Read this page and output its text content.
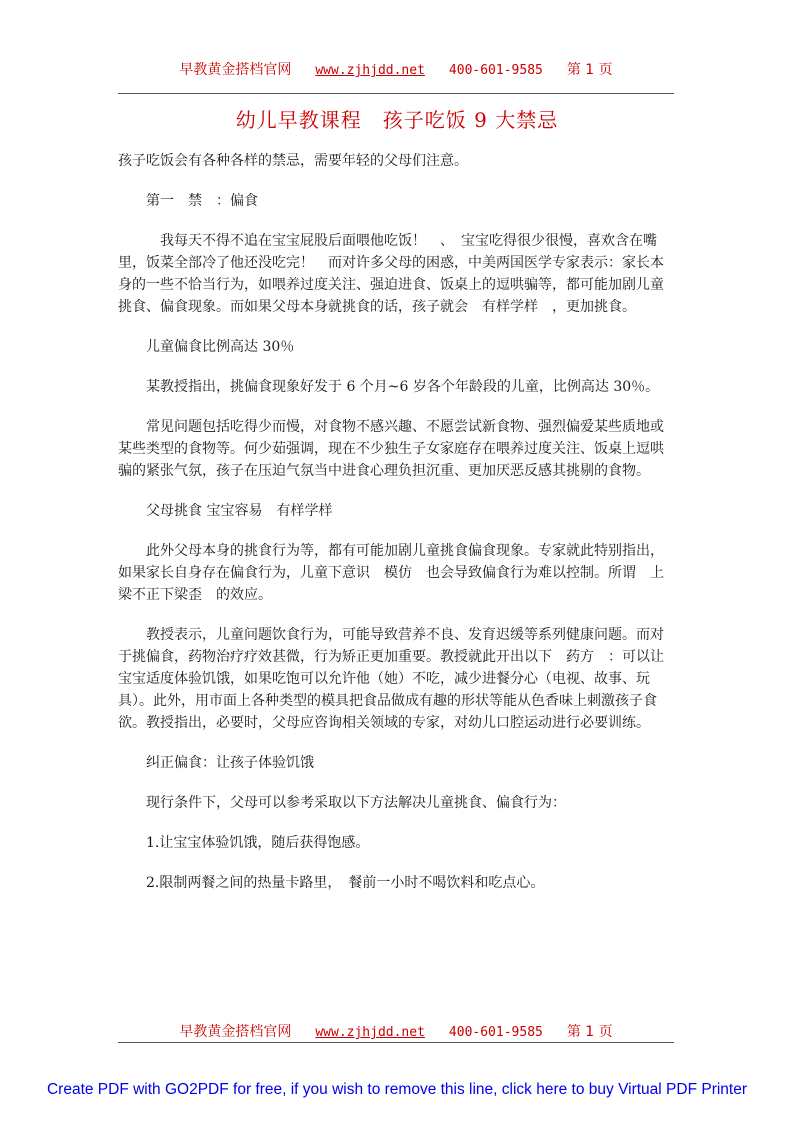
早教黄金搭档官网 www.zjhjdd.net 400-601-9585 第 1 页
幼儿早教课程　孩子吃饭 9 大禁忌

孩子吃饭会有各种各样的禁忌，需要年轻的父母们注意。

第一　禁　：偏食

我每天不得不追在宝宝屁股后面喂他吃饭！　、　宝宝吃得很少很慢，喜欢含在嘴里，饭菜全部冷了他还没吃完！　而对许多父母的困惑，中美两国医学专家表示：家长本身的一些不恰当行为，如喂养过度关注、强迫进食、饭桌上的逗哄骗等，都可能加剧儿童挑食、偏食现象。而如果父母本身就挑食的话，孩子就会　有样学样　，更加挑食。

儿童偏食比例高达 30％

某教授指出，挑偏食现象好发于 6 个月~6 岁各个年龄段的儿童，比例高达 30％。

常见问题包括吃得少而慢，对食物不感兴趣、不愿尝试新食物、强烈偏爱某些质地或某些类型的食物等。何少茹强调，现在不少独生子女家庭存在喂养过度关注、饭桌上逗哄骗的紧张气氛，孩子在压迫气氛当中进食心理负担沉重、更加厌恶反感其挑剔的食物。

父母挑食 宝宝容易　有样学样

此外父母本身的挑食行为等，都有可能加剧儿童挑食偏食现象。专家就此特别指出，如果家长自身存在偏食行为，儿童下意识　模仿　也会导致偏食行为难以控制。所谓　上梁不正下梁歪　的效应。

教授表示，儿童问题饮食行为，可能导致营养不良、发育迟缓等系列健康问题。而对于挑偏食，药物治疗疗效甚微，行为矫正更加重要。教授就此开出以下　药方　：可以让宝宝适度体验饥饿，如果吃饱可以允许他（她）不吃，减少进餐分心（电视、故事、玩具）。此外，用市面上各种类型的模具把食品做成有趣的形状等能从色香味上刺激孩子食欲。教授指出，必要时，父母应咨询相关领域的专家，对幼儿口腔运动进行必要训练。

纠正偏食：让孩子体验饥饿

现行条件下，父母可以参考采取以下方法解决儿童挑食、偏食行为：

1.让宝宝体验饥饿，随后获得饱感。

2.限制两餐之间的热量卡路里，　餐前一小时不喝饮料和吃点心。

早教黄金搭档官网 www.zjhjdd.net 400-601-9585 第 1 页
Create PDF with GO2PDF for free, if you wish to remove this line, click here to buy Virtual PDF Printer
